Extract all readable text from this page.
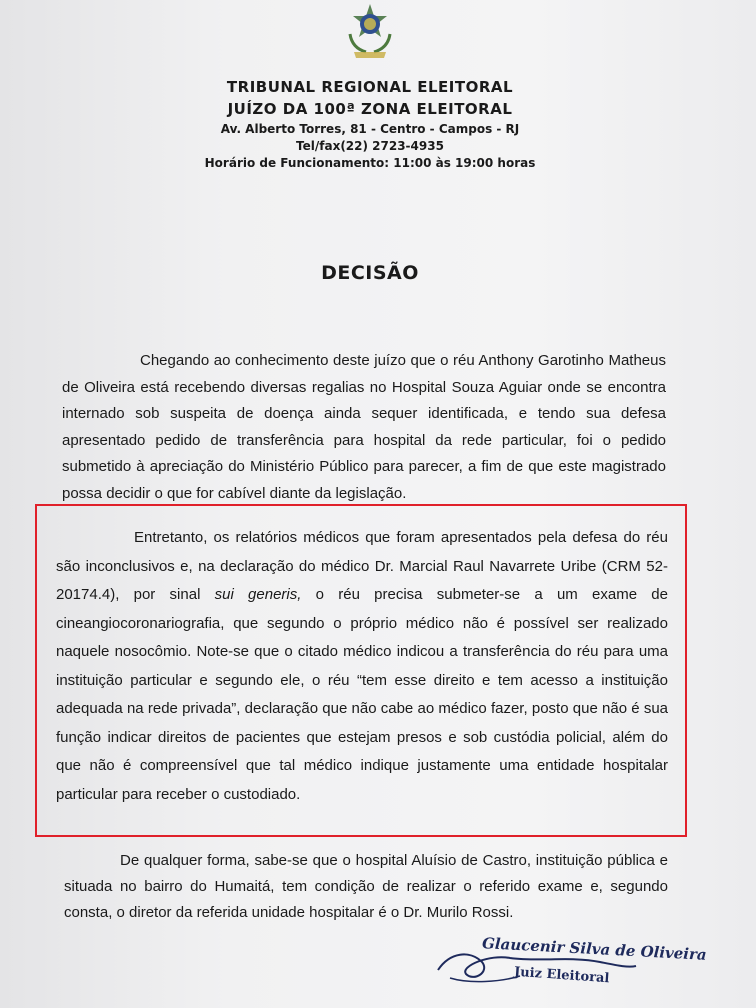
TRIBUNAL REGIONAL ELEITORAL
JUÍZO DA 100ª ZONA ELEITORAL
Av. Alberto Torres, 81 - Centro - Campos - RJ
Tel/fax(22) 2723-4935
Horário de Funcionamento: 11:00 às 19:00 horas
DECISÃO

Chegando ao conhecimento deste juízo que o réu Anthony Garotinho Matheus de Oliveira está recebendo diversas regalias no Hospital Souza Aguiar onde se encontra internado sob suspeita de doença ainda sequer identificada, e tendo sua defesa apresentado pedido de transferência para hospital da rede particular, foi o pedido submetido à apreciação do Ministério Público para parecer, a fim de que este magistrado possa decidir o que for cabível diante da legislação.

Entretanto, os relatórios médicos que foram apresentados pela defesa do réu são inconclusivos e, na declaração do médico Dr. Marcial Raul Navarrete Uribe (CRM 52-20174.4), por sinal sui generis, o réu precisa submeter-se a um exame de cineangiocoronariografia, que segundo o próprio médico não é possível ser realizado naquele nosocômio. Note-se que o citado médico indicou a transferência do réu para uma instituição particular e segundo ele, o réu “tem esse direito e tem acesso a instituição adequada na rede privada”, declaração que não cabe ao médico fazer, posto que não é sua função indicar direitos de pacientes que estejam presos e sob custódia policial, além do que não é compreensível que tal médico indique justamente uma entidade hospitalar particular para receber o custodiado.

De qualquer forma, sabe-se que o hospital Aluísio de Castro, instituição pública e situada no bairro do Humaitá, tem condição de realizar o referido exame e, segundo consta, o diretor da referida unidade hospitalar é o Dr. Murilo Rossi.

Glaucenir Silva de Oliveira
Juiz Eleitoral
